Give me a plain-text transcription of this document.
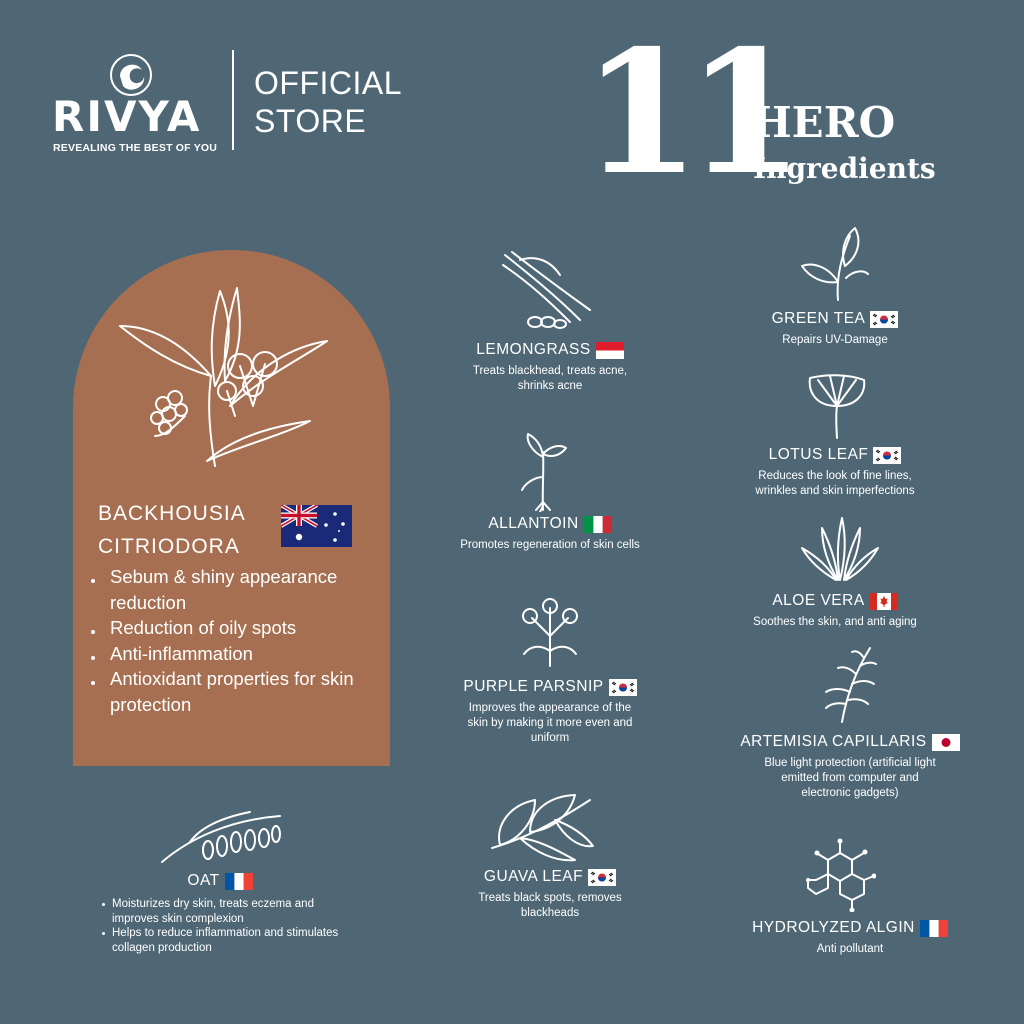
RIVYA
REVEALING THE BEST OF YOU
OFFICIAL
STORE 11
HERO
Ingredients
BACKHOUSIA
CITRIODORA
Sebum & shiny appearance reduction
Reduction of oily spots
Anti-inflammation
Antioxidant properties for skin protection
LEMONGRASS
Treats blackhead, treats acne, shrinks acne
ALLANTOIN
Promotes regeneration of skin cells
PURPLE PARSNIP
Improves the appearance of the skin by making it more even and uniform
GUAVA LEAF
Treats black spots, removes blackheads
GREEN TEA
Repairs UV-Damage
LOTUS LEAF
Reduces the look of fine lines, wrinkles and skin imperfections
ALOE VERA
Soothes the skin, and anti aging
ARTEMISIA CAPILLARIS
Blue light protection (artificial light emitted from computer and electronic gadgets)
HYDROLYZED ALGIN
Anti pollutant
OAT
Moisturizes dry skin, treats eczema and improves skin complexion
Helps to reduce inflammation and stimulates collagen production
